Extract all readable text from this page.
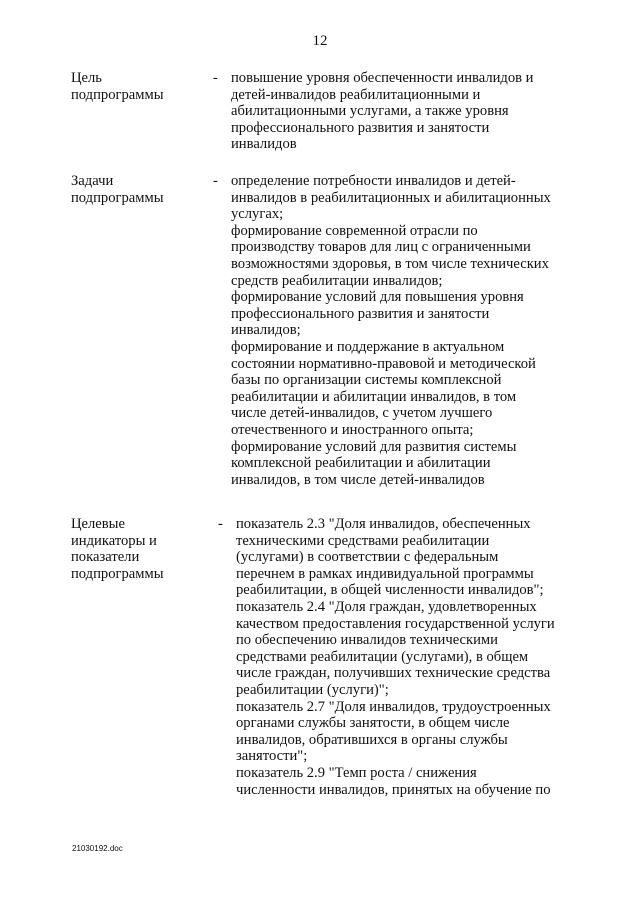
12
Цель
подпрограммы
- повышение уровня обеспеченности инвалидов и
детей-инвалидов реабилитационными и
абилитационными услугами, а также уровня
профессионального развития и занятости
инвалидов

Задачи
подпрограммы
- определение потребности инвалидов и детей-
инвалидов в реабилитационных и абилитационных
услугах;

формирование современной отрасли по
производству товаров для лиц с ограниченными
возможностями здоровья, в том числе технических
средств реабилитации инвалидов;

формирование условий для повышения уровня
профессионального развития и занятости
инвалидов;

формирование и поддержание в актуальном
состоянии нормативно-правовой и методической
базы по организации системы комплексной
реабилитации и абилитации инвалидов, в том
числе детей-инвалидов, с учетом лучшего
отечественного и иностранного опыта;

формирование условий для развития системы
комплексной реабилитации и абилитации
инвалидов, в том числе детей-инвалидов

Целевые
индикаторы и
показатели
подпрограммы
- показатель 2.3 "Доля инвалидов, обеспеченных
техническими средствами реабилитации
(услугами) в соответствии с федеральным
перечнем в рамках индивидуальной программы
реабилитации, в общей численности инвалидов";

показатель 2.4 "Доля граждан, удовлетворенных
качеством предоставления государственной услуги
по обеспечению инвалидов техническими
средствами реабилитации (услугами), в общем
числе граждан, получивших технические средства
реабилитации (услуги)";

показатель 2.7 "Доля инвалидов, трудоустроенных
органами службы занятости, в общем числе
инвалидов, обратившихся в органы службы
занятости";

показатель 2.9 "Темп роста / снижения
численности инвалидов, принятых на обучение по

21030192.doc
